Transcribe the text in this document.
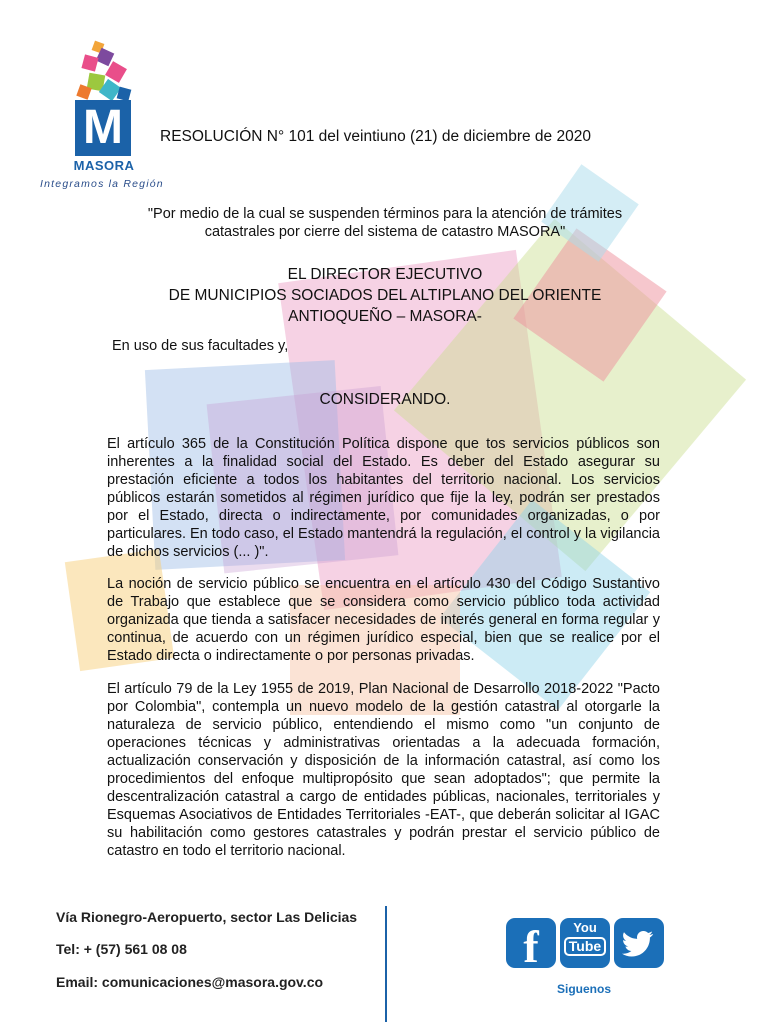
M
MASORA
Integramos la Región
RESOLUCIÓN N° 101 del veintiuno (21) de diciembre de 2020
"Por medio de la cual se suspenden términos para la atención de trámites catastrales por cierre del sistema de catastro MASORA"
EL DIRECTOR EJECUTIVO
DE MUNICIPIOS SOCIADOS DEL ALTIPLANO DEL ORIENTE
ANTIOQUEÑO – MASORA-
En uso de sus facultades y,
CONSIDERANDO.
El artículo 365 de la Constitución Política dispone que tos servicios públicos son inherentes a la finalidad social del Estado. Es deber del Estado asegurar su prestación eficiente a todos los habitantes del territorio nacional. Los servicios públicos estarán sometidos al régimen jurídico que fije la ley, podrán ser prestados por el Estado, directa o indirectamente, por comunidades organizadas, o por particulares. En todo caso, el Estado mantendrá la regulación, el control y la vigilancia de dichos servicios (... )".
La noción de servicio público se encuentra en el artículo 430 del Código Sustantivo de Trabajo que establece que se considera como servicio público toda actividad organizada que tienda a satisfacer necesidades de interés general en forma regular y continua, de acuerdo con un régimen jurídico especial, bien que se realice por el Estado directa o indirectamente o por personas privadas.
El artículo 79 de la Ley 1955 de 2019, Plan Nacional de Desarrollo 2018-2022 "Pacto por Colombia", contempla un nuevo modelo de la gestión catastral al otorgarle la naturaleza de servicio público, entendiendo el mismo como "un conjunto de operaciones técnicas y administrativas orientadas a la adecuada formación, actualización conservación y disposición de la información catastral, así como los procedimientos del enfoque multipropósito que sean adoptados"; que permite la descentralización catastral a cargo de entidades públicas, nacionales, territoriales y Esquemas Asociativos de Entidades Territoriales -EAT-, que deberán solicitar al IGAC su habilitación como gestores catastrales y podrán prestar el servicio público de catastro en todo el territorio nacional.
Vía Rionegro-Aeropuerto, sector Las Delicias
Tel: + (57) 561 08 08
Email: comunicaciones@masora.gov.co
f	You
Tube
Siguenos
